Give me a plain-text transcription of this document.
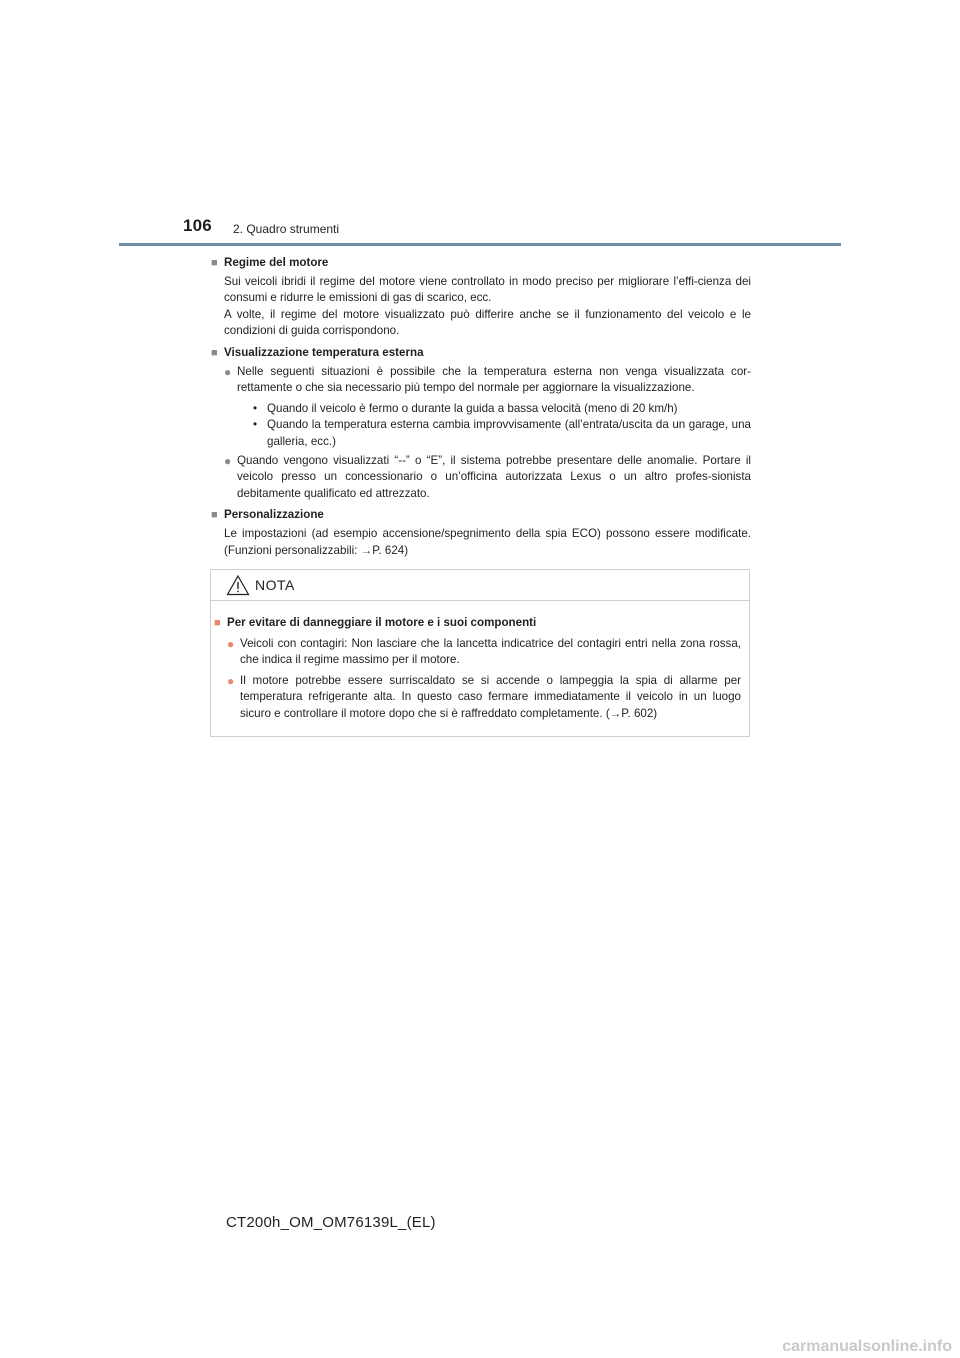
106 2. Quadro strumenti
■ Regime del motore
Sui veicoli ibridi il regime del motore viene controllato in modo preciso per migliorare l’effi-cienza dei consumi e ridurre le emissioni di gas di scarico, ecc.
A volte, il regime del motore visualizzato può differire anche se il funzionamento del veicolo e le condizioni di guida corrispondono.
■ Visualizzazione temperatura esterna
● Nelle seguenti situazioni è possibile che la temperatura esterna non venga visualizzata cor-rettamente o che sia necessario più tempo del normale per aggiornare la visualizzazione.
• Quando il veicolo è fermo o durante la guida a bassa velocità (meno di 20 km/h)
• Quando la temperatura esterna cambia improvvisamente (all’entrata/uscita da un garage, una galleria, ecc.)
● Quando vengono visualizzati “--” o “E”, il sistema potrebbe presentare delle anomalie. Portare il veicolo presso un concessionario o un’officina autorizzata Lexus o un altro profes-sionista debitamente qualificato ed attrezzato.
■ Personalizzazione
Le impostazioni (ad esempio accensione/spegnimento della spia ECO) possono essere modificate. (Funzioni personalizzabili: →P. 624)
NOTA
■ Per evitare di danneggiare il motore e i suoi componenti
● Veicoli con contagiri: Non lasciare che la lancetta indicatrice del contagiri entri nella zona rossa, che indica il regime massimo per il motore.
● Il motore potrebbe essere surriscaldato se si accende o lampeggia la spia di allarme per temperatura refrigerante alta. In questo caso fermare immediatamente il veicolo in un luogo sicuro e controllare il motore dopo che si è raffreddato completamente. (→P. 602)
CT200h_OM_OM76139L_(EL)
carmanualsonline.info
